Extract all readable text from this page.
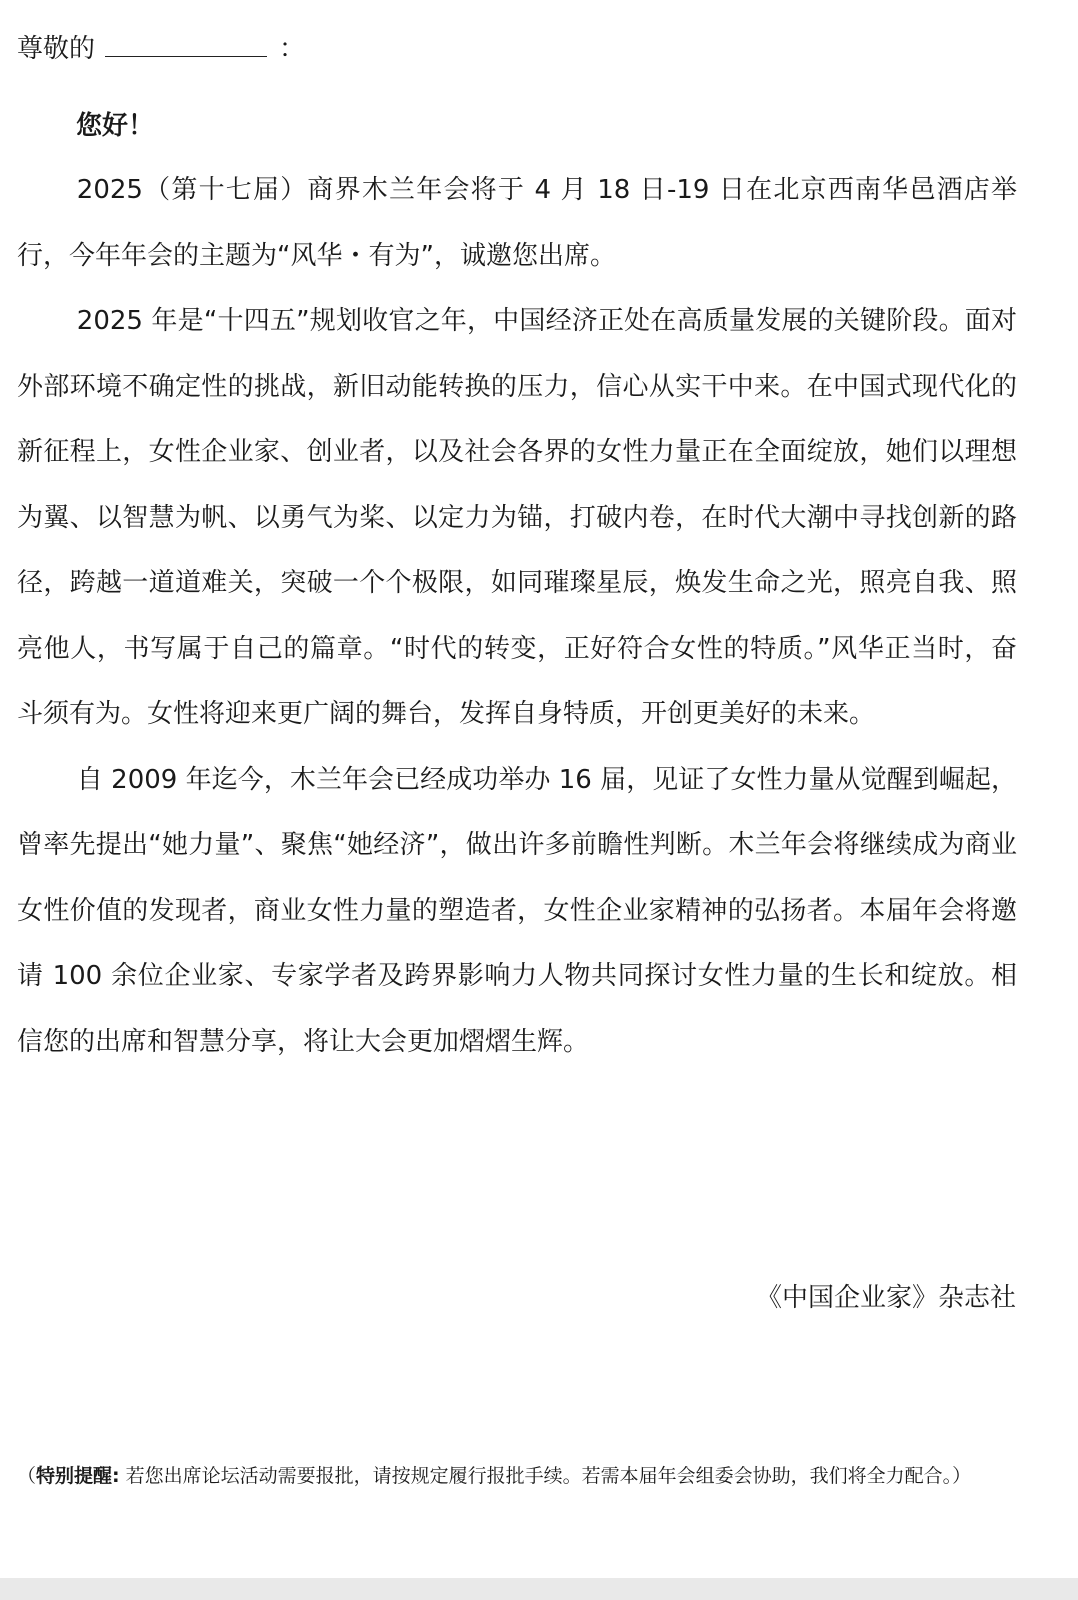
尊敬的	：
您好！

2025（第十七届）商界木兰年会将于 4 月 18 日-19 日在北京西南华邑酒店举行，今年年会的主题为“风华・有为”，诚邀您出席。

2025 年是“十四五”规划收官之年，中国经济正处在高质量发展的关键阶段。面对外部环境不确定性的挑战，新旧动能转换的压力，信心从实干中来。在中国式现代化的新征程上，女性企业家、创业者，以及社会各界的女性力量正在全面绽放，她们以理想为翼、以智慧为帆、以勇气为桨、以定力为锚，打破内卷，在时代大潮中寻找创新的路径，跨越一道道难关，突破一个个极限，如同璀璨星辰，焕发生命之光，照亮自我、照亮他人，书写属于自己的篇章。“时代的转变，正好符合女性的特质。”风华正当时，奋斗须有为。女性将迎来更广阔的舞台，发挥自身特质，开创更美好的未来。

自 2009 年迄今，木兰年会已经成功举办 16 届，见证了女性力量从觉醒到崛起，曾率先提出“她力量”、聚焦“她经济”，做出许多前瞻性判断。木兰年会将继续成为商业女性价值的发现者，商业女性力量的塑造者，女性企业家精神的弘扬者。本届年会将邀请 100 余位企业家、专家学者及跨界影响力人物共同探讨女性力量的生长和绽放。相信您的出席和智慧分享，将让大会更加熠熠生辉。

《中国企业家》杂志社
（特别提醒: 若您出席论坛活动需要报批，请按规定履行报批手续。若需本届年会组委会协助，我们将全力配合。）
